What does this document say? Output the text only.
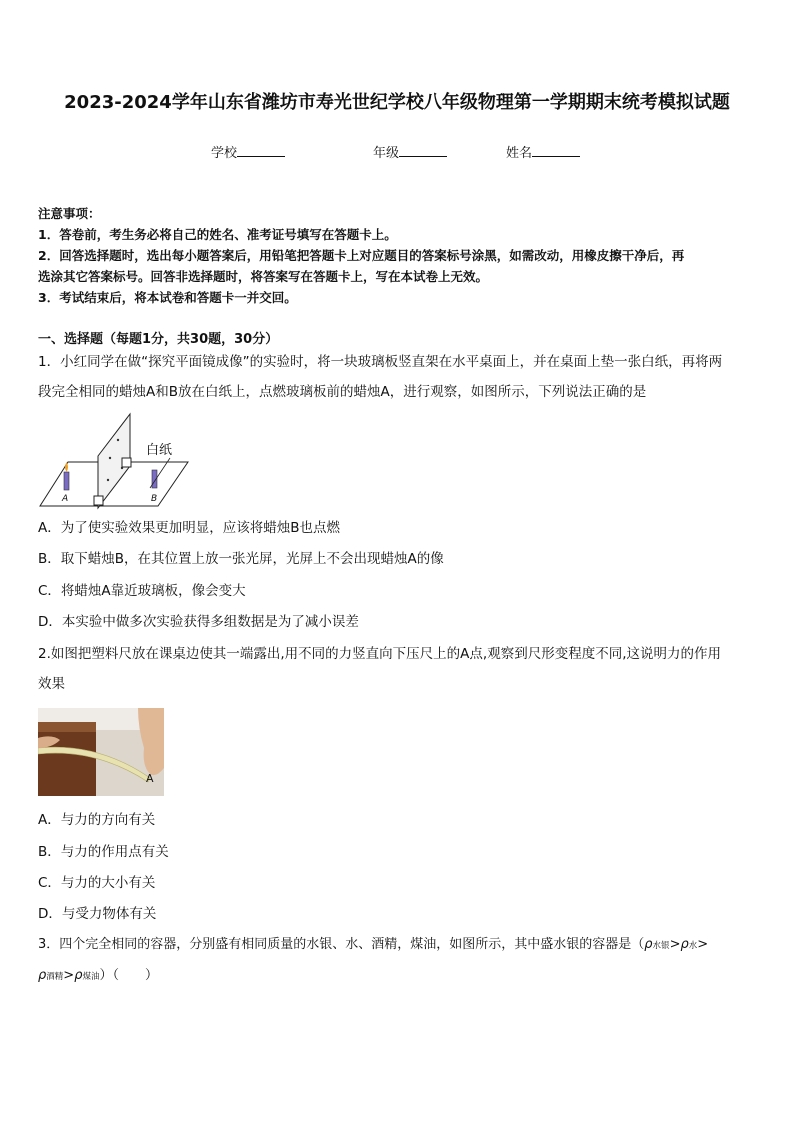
2023-2024学年山东省潍坊市寿光世纪学校八年级物理第一学期期末统考模拟试题
学校	年级	姓名

注意事项：

1．答卷前，考生务必将自己的姓名、准考证号填写在答题卡上。

2．回答选择题时，选出每小题答案后，用铅笔把答题卡上对应题目的答案标号涂黑，如需改动，用橡皮擦干净后，再

选涂其它答案标号。回答非选择题时，将答案写在答题卡上，写在本试卷上无效。

3．考试结束后，将本试卷和答题卡一并交回。

一、选择题（每题1分，共30题，30分）
1．小红同学在做“探究平面镜成像”的实验时，将一块玻璃板竖直架在水平桌面上，并在桌面上垫一张白纸，再将两
段完全相同的蜡烛A和B放在白纸上，点燃玻璃板前的蜡烛A，进行观察，如图所示，下列说法正确的是
白纸
A	B
A．为了使实验效果更加明显，应该将蜡烛B也点燃
B．取下蜡烛B，在其位置上放一张光屏，光屏上不会出现蜡烛A的像
C．将蜡烛A靠近玻璃板，像会变大
D．本实验中做多次实验获得多组数据是为了减小误差
2.如图把塑料尺放在课桌边使其一端露出,用不同的力竖直向下压尺上的A点,观察到尺形变程度不同,这说明力的作用
效果
A
A．与力的方向有关
B．与力的作用点有关
C．与力的大小有关
D．与受力物体有关
3．四个完全相同的容器，分别盛有相同质量的水银、水、酒精，煤油，如图所示，其中盛水银的容器是（ρ水银>ρ水>
ρ酒精>ρ煤油）（　　）
